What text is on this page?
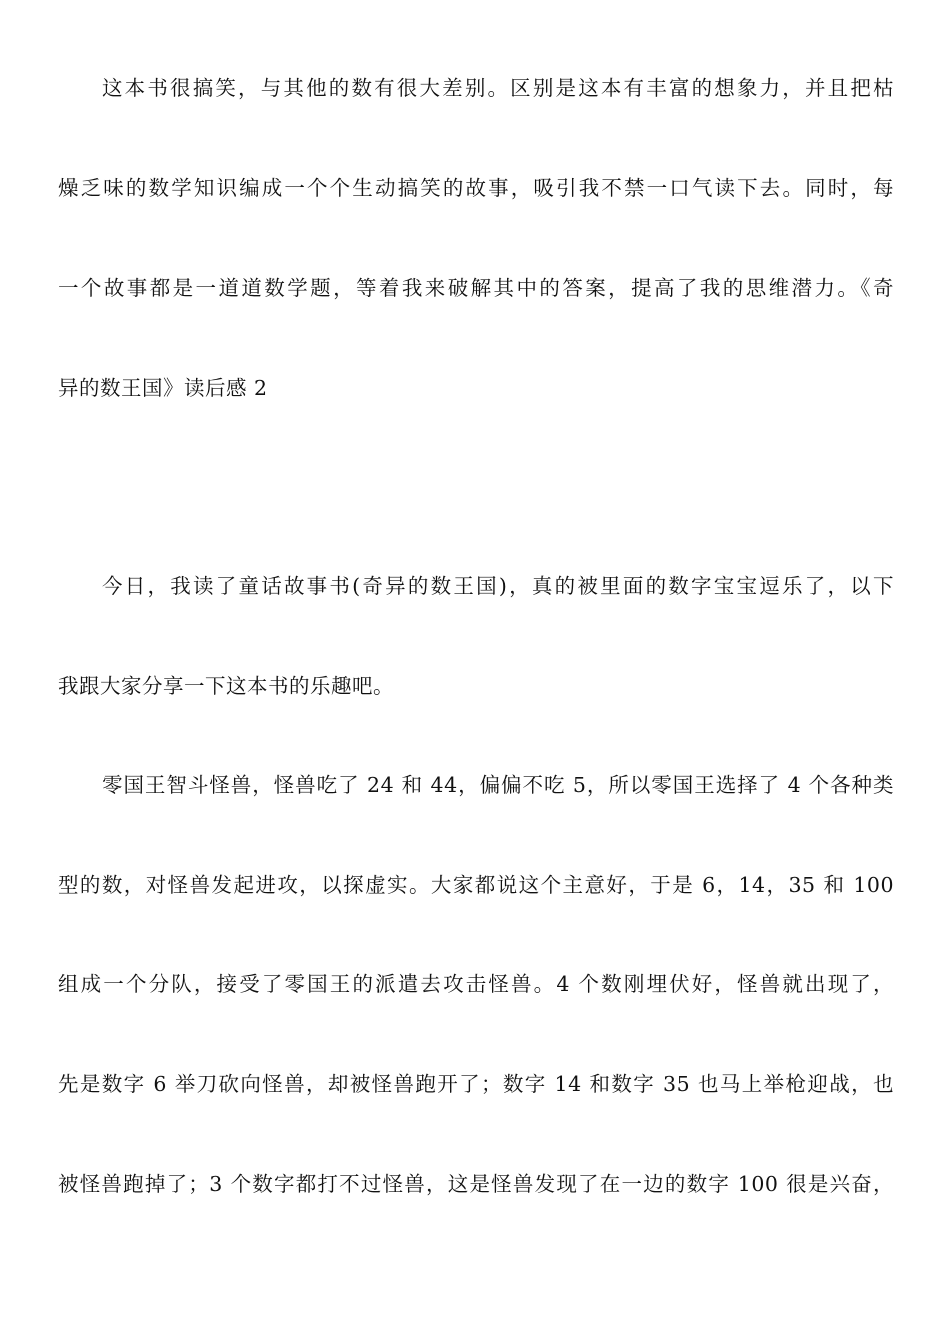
这本书很搞笑，与其他的数有很大差别。区别是这本有丰富的想象力，并且把枯
燥乏味的数学知识编成一个个生动搞笑的故事，吸引我不禁一口气读下去。同时，每
一个故事都是一道道数学题，等着我来破解其中的答案，提高了我的思维潜力。《奇
异的数王国》读后感 2
今日，我读了童话故事书(奇异的数王国)，真的被里面的数字宝宝逗乐了，以下
我跟大家分享一下这本书的乐趣吧。
零国王智斗怪兽，怪兽吃了 24 和 44，偏偏不吃 5，所以零国王选择了 4 个各种类
型的数，对怪兽发起进攻，以探虚实。大家都说这个主意好，于是 6，14，35 和 100
组成一个分队，接受了零国王的派遣去攻击怪兽。4 个数刚埋伏好，怪兽就出现了，
先是数字 6 举刀砍向怪兽，却被怪兽跑开了；数字 14 和数字 35 也马上举枪迎战，也
被怪兽跑掉了；3 个数字都打不过怪兽，这是怪兽发现了在一边的数字 100 很是兴奋，
